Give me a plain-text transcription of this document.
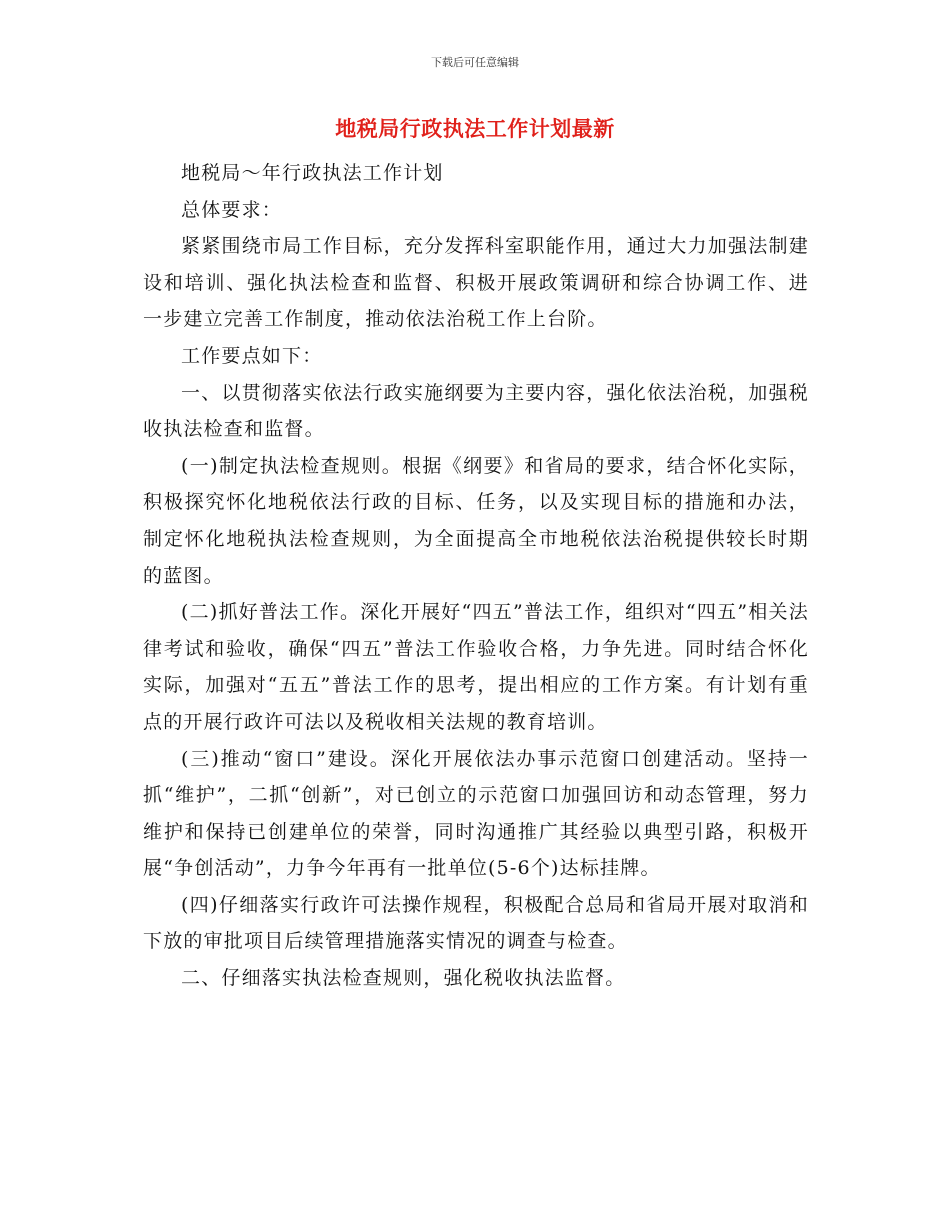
下载后可任意编辑
地税局行政执法工作计划最新

地税局～年行政执法工作计划

总体要求：

紧紧围绕市局工作目标，充分发挥科室职能作用，通过大力加强法制建设和培训、强化执法检查和监督、积极开展政策调研和综合协调工作、进一步建立完善工作制度，推动依法治税工作上台阶。

工作要点如下：

一、以贯彻落实依法行政实施纲要为主要内容，强化依法治税，加强税收执法检查和监督。

(一)制定执法检查规则。根据《纲要》和省局的要求，结合怀化实际，积极探究怀化地税依法行政的目标、任务，以及实现目标的措施和办法，制定怀化地税执法检查规则，为全面提高全市地税依法治税提供较长时期的蓝图。

(二)抓好普法工作。深化开展好“四五”普法工作，组织对“四五”相关法律考试和验收，确保“四五”普法工作验收合格，力争先进。同时结合怀化实际，加强对“五五”普法工作的思考，提出相应的工作方案。有计划有重点的开展行政许可法以及税收相关法规的教育培训。

(三)推动“窗口”建设。深化开展依法办事示范窗口创建活动。坚持一抓“维护”，二抓“创新”，对已创立的示范窗口加强回访和动态管理，努力维护和保持已创建单位的荣誉，同时沟通推广其经验以典型引路，积极开展“争创活动”，力争今年再有一批单位(5-6个)达标挂牌。

(四)仔细落实行政许可法操作规程，积极配合总局和省局开展对取消和下放的审批项目后续管理措施落实情况的调查与检查。

二、仔细落实执法检查规则，强化税收执法监督。
